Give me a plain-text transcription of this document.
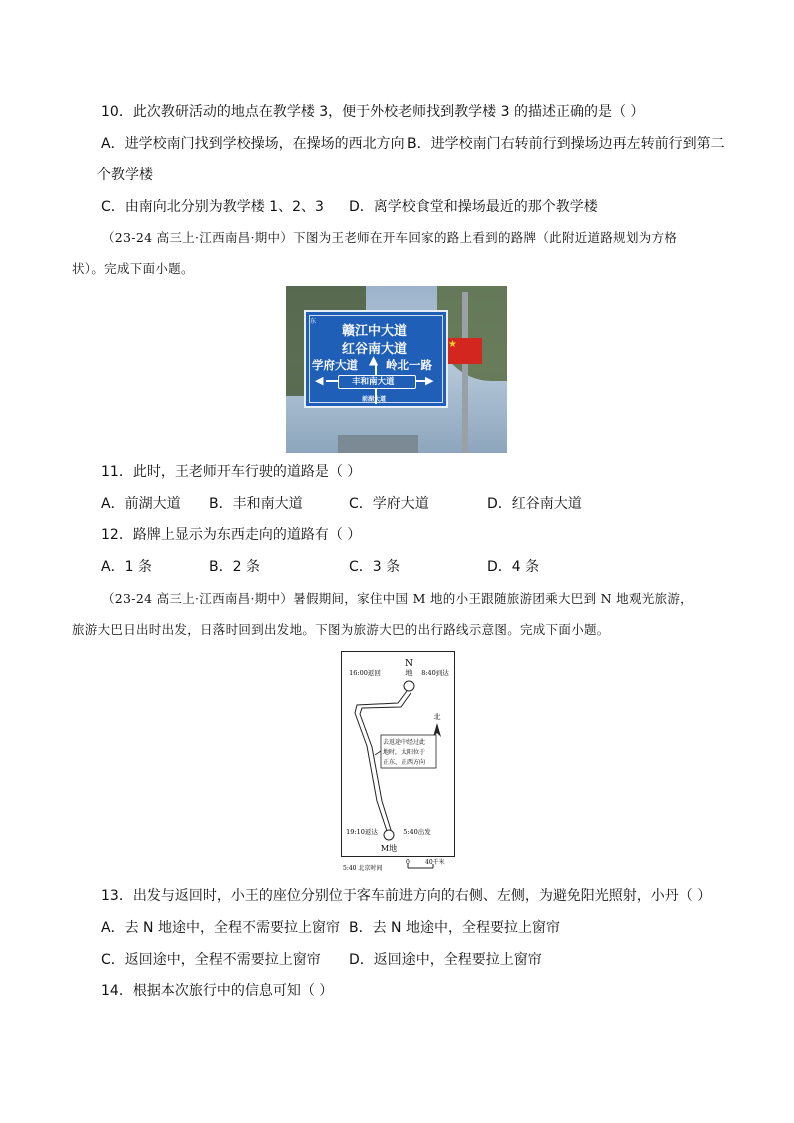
10．此次教研活动的地点在教学楼 3，便于外校老师找到教学楼 3 的描述正确的是（ ）
A．进学校南门找到学校操场，在操场的西北方向 B．进学校南门右转前行到操场边再左转前行到第二
个教学楼
C．由南向北分别为教学楼 1、2、3 D．离学校食堂和操场最近的那个教学楼
（23-24 高三上·江西南昌·期中）下图为王老师在开车回家的路上看到的路牌（此附近道路规划为方格
状）。完成下面小题。
★
东
赣江中大道
红谷南大道
▲
学府大道 岭北一路
◀	▶
丰和南大道
前湖大道
11．此时，王老师开车行驶的道路是（ ）
A．前湖大道 B．丰和南大道	C．学府大道	D．红谷南大道
12．路牌上显示为东西走向的道路有（ ）
A．1 条	B．2 条	C．3 条	D．4 条
（23-24 高三上·江西南昌·期中）暑假期间，家住中国 M 地的小王跟随旅游团乘大巴到 N 地观光旅游，
旅游大巴日出时出发，日落时回到出发地。下图为旅游大巴的出行路线示意图。完成下面小题。
N
地
16:00返回	8:40到达
北
去返途中经过此
地时，太阳位于
正东、正西方向
19:10返达	5:40出发
M地
5:40 北京时间
0	40千米
13．出发与返回时，小王的座位分别位于客车前进方向的右侧、左侧，为避免阳光照射，小丹（ ）
A．去 N 地途中，全程不需要拉上窗帘 B．去 N 地途中，全程要拉上窗帘
C．返回途中，全程不需要拉上窗帘 D．返回途中，全程要拉上窗帘
14．根据本次旅行中的信息可知（ ）
